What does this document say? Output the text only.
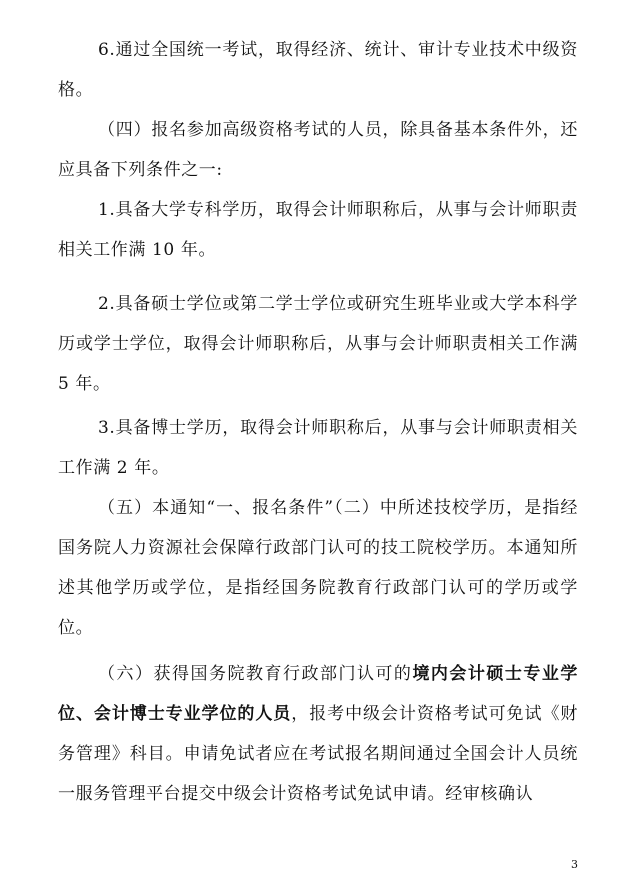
6.通过全国统一考试，取得经济、统计、审计专业技术中级资格。

（四）报名参加高级资格考试的人员，除具备基本条件外，还应具备下列条件之一:

1.具备大学专科学历，取得会计师职称后，从事与会计师职责相关工作满 10 年。

2.具备硕士学位或第二学士学位或研究生班毕业或大学本科学历或学士学位，取得会计师职称后，从事与会计师职责相关工作满 5 年。

3.具备博士学历，取得会计师职称后，从事与会计师职责相关工作满 2 年。

（五）本通知“一、报名条件”（二）中所述技校学历，是指经国务院人力资源社会保障行政部门认可的技工院校学历。本通知所述其他学历或学位，是指经国务院教育行政部门认可的学历或学位。

（六）获得国务院教育行政部门认可的境内会计硕士专业学位、会计博士专业学位的人员，报考中级会计资格考试可免试《财务管理》科目。申请免试者应在考试报名期间通过全国会计人员统一服务管理平台提交中级会计资格考试免试申请。经审核确认

3
